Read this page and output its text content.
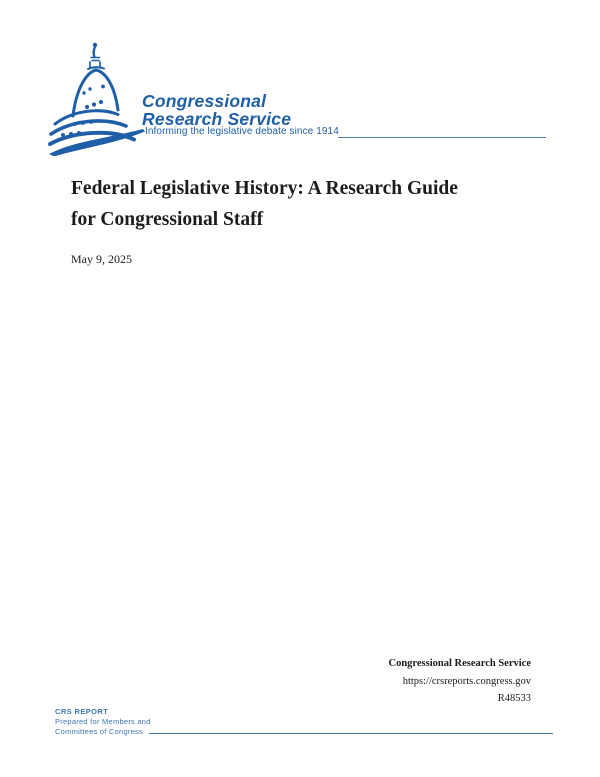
Congressional
Research Service
Informing the legislative debate since 1914
Federal Legislative History: A Research Guide
for Congressional Staff
May 9, 2025
Congressional Research Service
https://crsreports.congress.gov
R48533
CRS REPORT
Prepared for Members and
Committees of Congress
